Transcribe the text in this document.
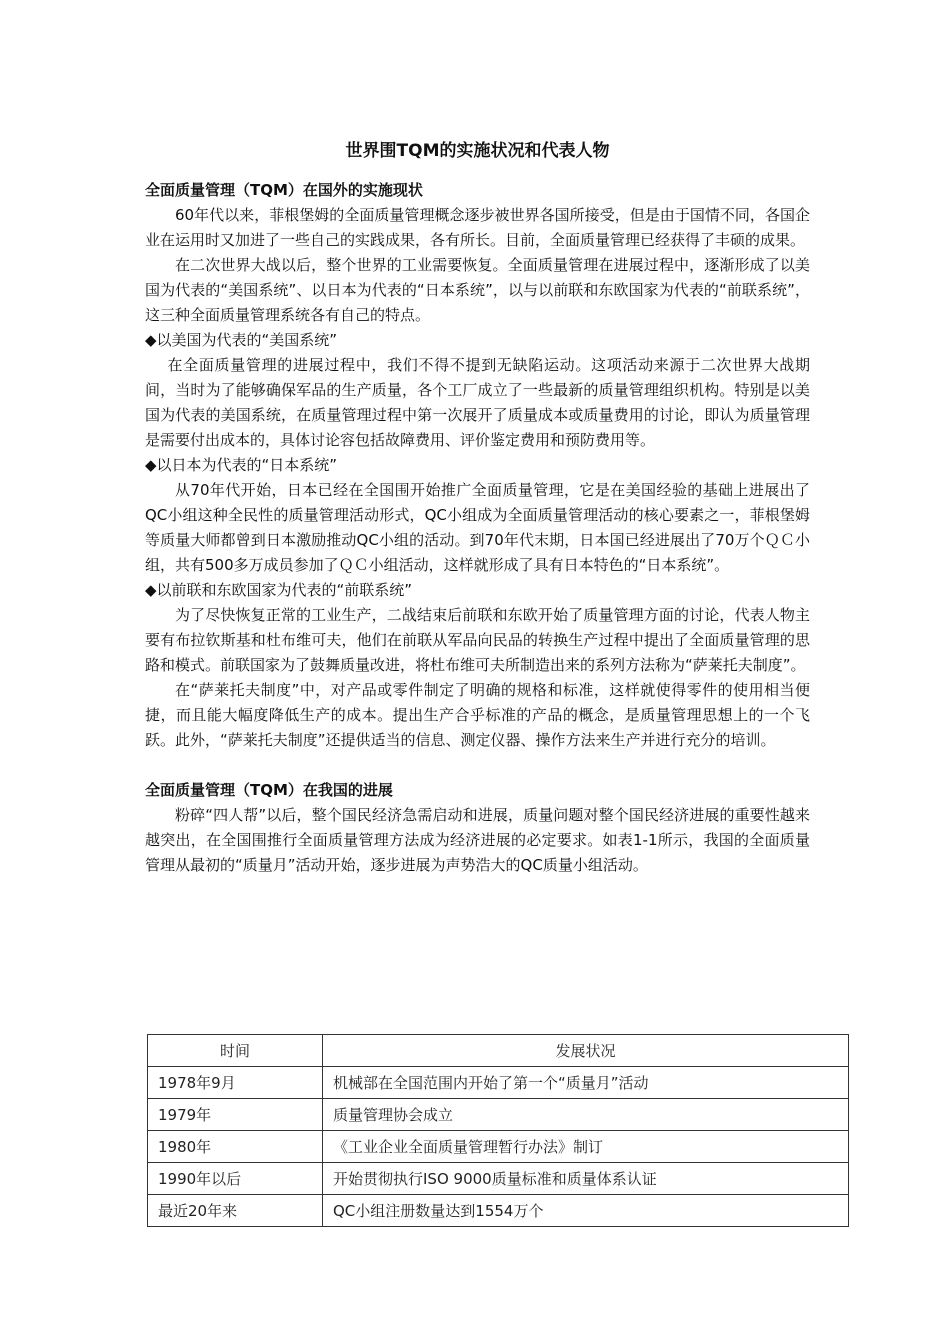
世界围TQM的实施状况和代表人物
全面质量管理（TQM）在国外的实施现状
60年代以来，菲根堡姆的全面质量管理概念逐步被世界各国所接受，但是由于国情不同，各国企业在运用时又加进了一些自己的实践成果，各有所长。目前，全面质量管理已经获得了丰硕的成果。
在二次世界大战以后，整个世界的工业需要恢复。全面质量管理在进展过程中，逐渐形成了以美国为代表的“美国系统”、以日本为代表的“日本系统”，以与以前联和东欧国家为代表的“前联系统”，这三种全面质量管理系统各有自己的特点。
◆以美国为代表的“美国系统”
在全面质量管理的进展过程中，我们不得不提到无缺陷运动。这项活动来源于二次世界大战期间，当时为了能够确保军品的生产质量，各个工厂成立了一些最新的质量管理组织机构。特别是以美国为代表的美国系统，在质量管理过程中第一次展开了质量成本或质量费用的讨论，即认为质量管理是需要付出成本的，具体讨论容包括故障费用、评价鉴定费用和预防费用等。
◆以日本为代表的“日本系统”
从70年代开始，日本已经在全国围开始推广全面质量管理，它是在美国经验的基础上进展出了QC小组这种全民性的质量管理活动形式，QC小组成为全面质量管理活动的核心要素之一，菲根堡姆等质量大师都曾到日本激励推动QC小组的活动。到70年代末期，日本国已经进展出了70万个ＱＣ小组，共有500多万成员参加了ＱＣ小组活动，这样就形成了具有日本特色的“日本系统”。
◆以前联和东欧国家为代表的“前联系统”
为了尽快恢复正常的工业生产，二战结束后前联和东欧开始了质量管理方面的讨论，代表人物主要有布拉钦斯基和杜布维可夫，他们在前联从军品向民品的转换生产过程中提出了全面质量管理的思路和模式。前联国家为了鼓舞质量改进，将杜布维可夫所制造出来的系列方法称为“萨莱托夫制度”。
在“萨莱托夫制度”中，对产品或零件制定了明确的规格和标准，这样就使得零件的使用相当便捷，而且能大幅度降低生产的成本。提出生产合乎标准的产品的概念，是质量管理思想上的一个飞跃。此外，“萨莱托夫制度”还提供适当的信息、测定仪器、操作方法来生产并进行充分的培训。
全面质量管理（TQM）在我国的进展
粉碎“四人帮”以后，整个国民经济急需启动和进展，质量问题对整个国民经济进展的重要性越来越突出，在全国围推行全面质量管理方法成为经济进展的必定要求。如表1-1所示，我国的全面质量管理从最初的“质量月”活动开始，逐步进展为声势浩大的QC质量小组活动。
时间	发展状况
1978年9月	机械部在全国范围内开始了第一个“质量月”活动
1979年	质量管理协会成立
1980年	《工业企业全面质量管理暂行办法》制订
1990年以后	开始贯彻执行ISO 9000质量标准和质量体系认证
最近20年来	QC小组注册数量达到1554万个
